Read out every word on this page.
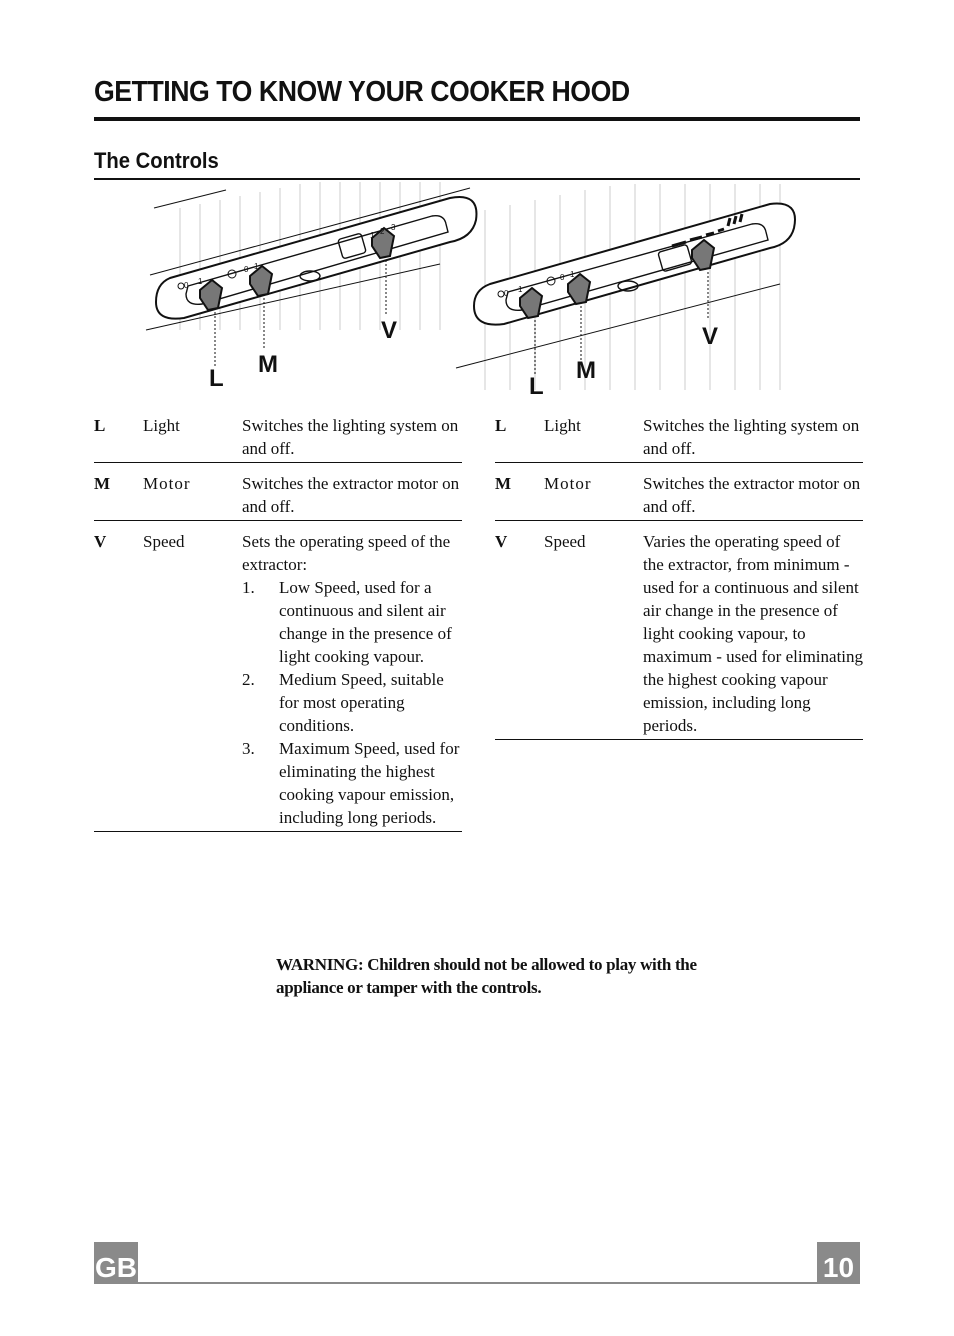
GETTING TO KNOW YOUR COOKER HOOD
The Controls
0 1
0 1
1 2 3
L
M
V
0 1
0 1
L
M
V
L Light	Switches the lighting system on and off.
M Motor	Switches the extractor motor on and off.
V Speed	Sets the operating speed of the extractor:
1. Low Speed, used for a continuous and silent air change in the presence of light cooking vapour.
2. Medium Speed, suitable for most operating conditions.
3. Maximum Speed, used for eliminating the highest cooking vapour emission, including long periods.
L Light	Switches the lighting system on and off.
M Motor	Switches the extractor motor on and off.
V Speed	Varies the operating speed of the extractor, from minimum - used for a continuous and silent air change in the presence of light cooking vapour, to maximum - used for eliminating the highest cooking vapour emission, including long periods.
WARNING: Children should not be allowed to play with the appliance or tamper with the controls.
GB	10
